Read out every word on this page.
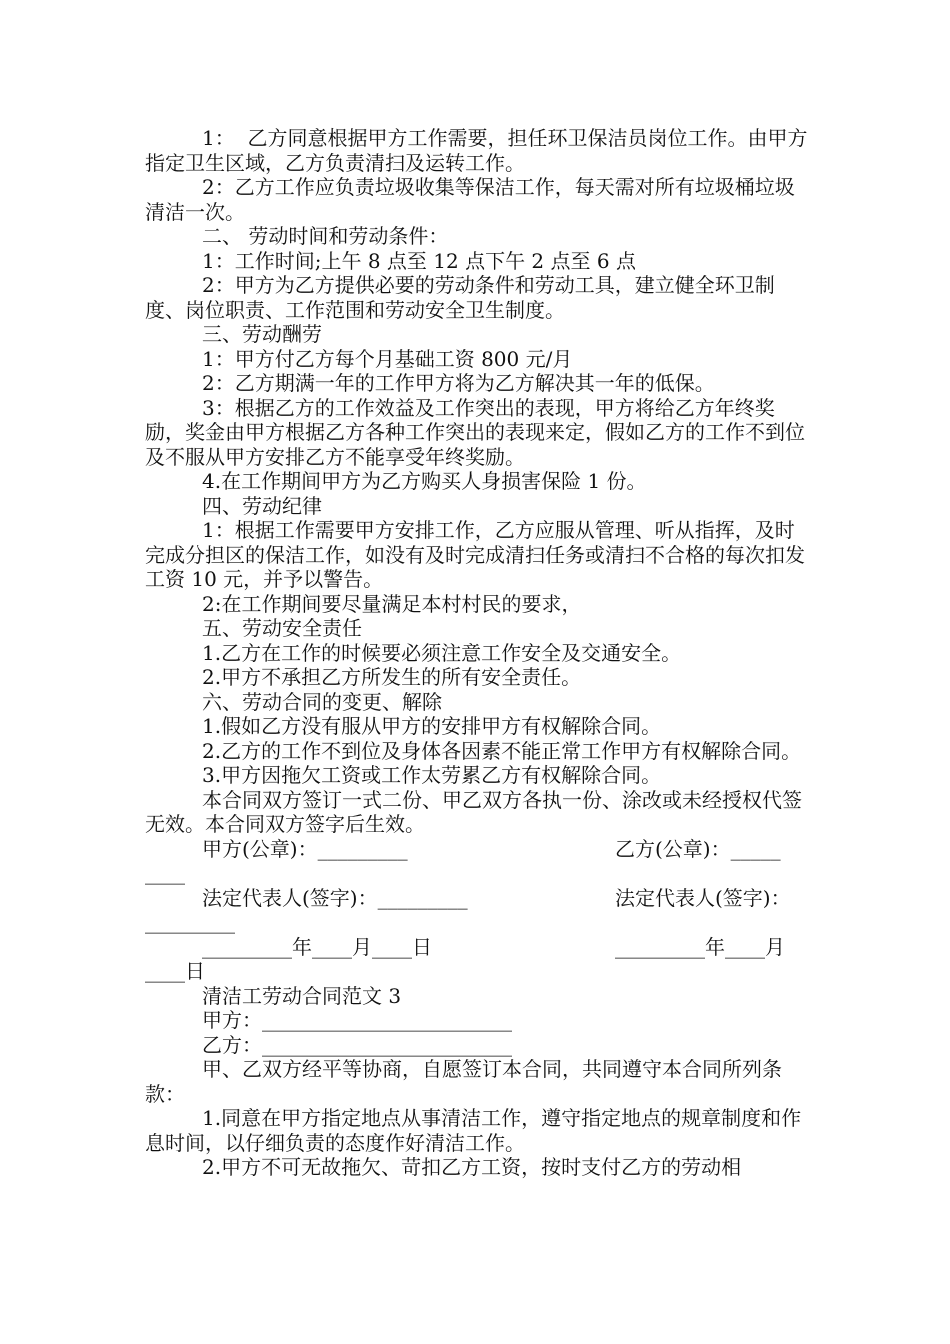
1：  乙方同意根据甲方工作需要，担任环卫保洁员岗位工作。由甲方指定卫生区域，乙方负责清扫及运转工作。

2：乙方工作应负责垃圾收集等保洁工作，每天需对所有垃圾桶垃圾清洁一次。

二、 劳动时间和劳动条件：

1：工作时间;上午 8 点至 12 点下午 2 点至 6 点

2：甲方为乙方提供必要的劳动条件和劳动工具，建立健全环卫制度、岗位职责、工作范围和劳动安全卫生制度。

三、劳动酬劳

1：甲方付乙方每个月基础工资 800 元/月

2：乙方期满一年的工作甲方将为乙方解决其一年的低保。

3：根据乙方的工作效益及工作突出的表现，甲方将给乙方年终奖励，奖金由甲方根据乙方各种工作突出的表现来定，假如乙方的工作不到位及不服从甲方安排乙方不能享受年终奖励。

4.在工作期间甲方为乙方购买人身损害保险 1 份。

四、劳动纪律

1：根据工作需要甲方安排工作，乙方应服从管理、听从指挥，及时完成分担区的保洁工作，如没有及时完成清扫任务或清扫不合格的每次扣发工资 10 元，并予以警告。

2:在工作期间要尽量满足本村村民的要求，

五、劳动安全责任

1.乙方在工作的时候要必须注意工作安全及交通安全。

2.甲方不承担乙方所发生的所有安全责任。

六、劳动合同的变更、解除

1.假如乙方没有服从甲方的安排甲方有权解除合同。

2.乙方的工作不到位及身体各因素不能正常工作甲方有权解除合同。

3.甲方因拖欠工资或工作太劳累乙方有权解除合同。

本合同双方签订一式二份、甲乙双方各执一份、涂改或未经授权代签无效。本合同双方签字后生效。

甲方(公章)：_________

	乙方(公章)：_____

____

法定代表人(签字)：_________

	法定代表人(签字)：

_________

_________年____月____日

	_________年____月

____日

清洁工劳动合同范文 3

甲方：_________________________

乙方：_________________________

甲、乙双方经平等协商，自愿签订本合同，共同遵守本合同所列条款：

1.同意在甲方指定地点从事清洁工作，遵守指定地点的规章制度和作息时间，以仔细负责的态度作好清洁工作。

2.甲方不可无故拖欠、苛扣乙方工资，按时支付乙方的劳动相
